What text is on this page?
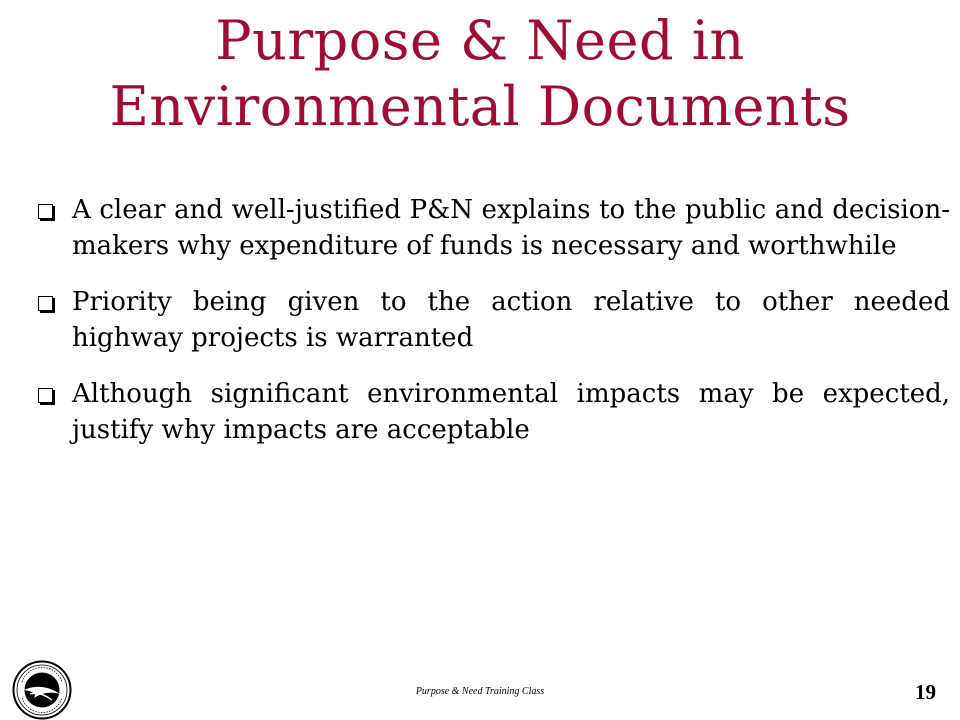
Purpose & Need in
Environmental Documents
A clear and well-justified P&N explains to the public and decision-makers why expenditure of funds is necessary and worthwhile
Priority being given to the action relative to other needed highway projects is warranted
Although significant environmental impacts may be expected, justify why impacts are acceptable
Purpose & Need Training Class	19
